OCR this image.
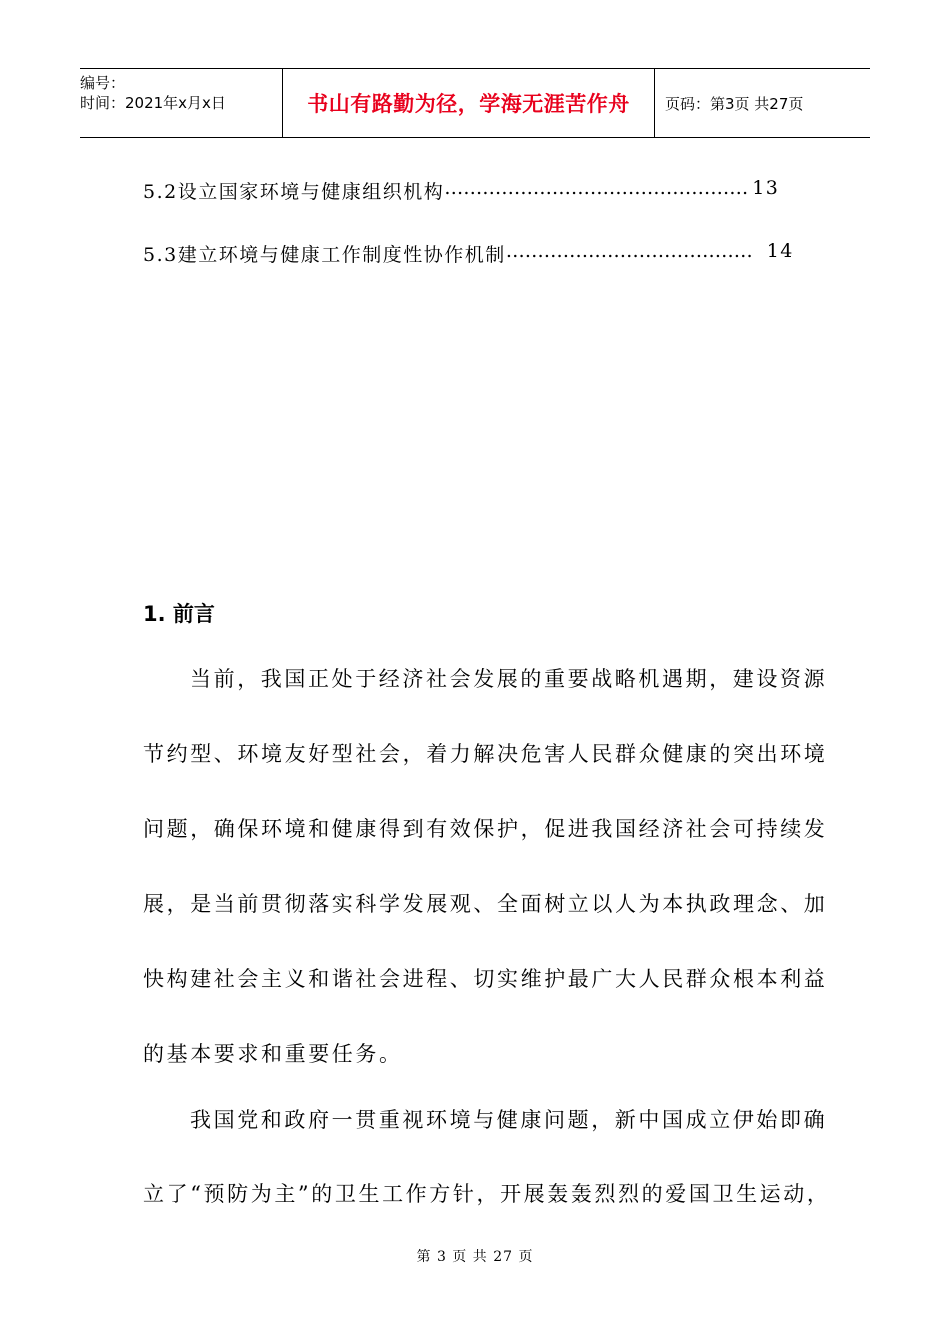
编号：
时间：2021年x月x日	书山有路勤为径，学海无涯苦作舟	页码：第3页 共27页
5.2设立国家环境与健康组织机构 ………………………………………… 13
5.3建立环境与健康工作制度性协作机制 ………………………………… 14
1. 前言
当前，我国正处于经济社会发展的重要战略机遇期，建设资源
节约型、环境友好型社会，着力解决危害人民群众健康的突出环境
问题，确保环境和健康得到有效保护，促进我国经济社会可持续发
展，是当前贯彻落实科学发展观、全面树立以人为本执政理念、加
快构建社会主义和谐社会进程、切实维护最广大人民群众根本利益
的基本要求和重要任务。
我国党和政府一贯重视环境与健康问题，新中国成立伊始即确
立了“预防为主”的卫生工作方针，开展轰轰烈烈的爱国卫生运动，
第 3 页 共 27 页
